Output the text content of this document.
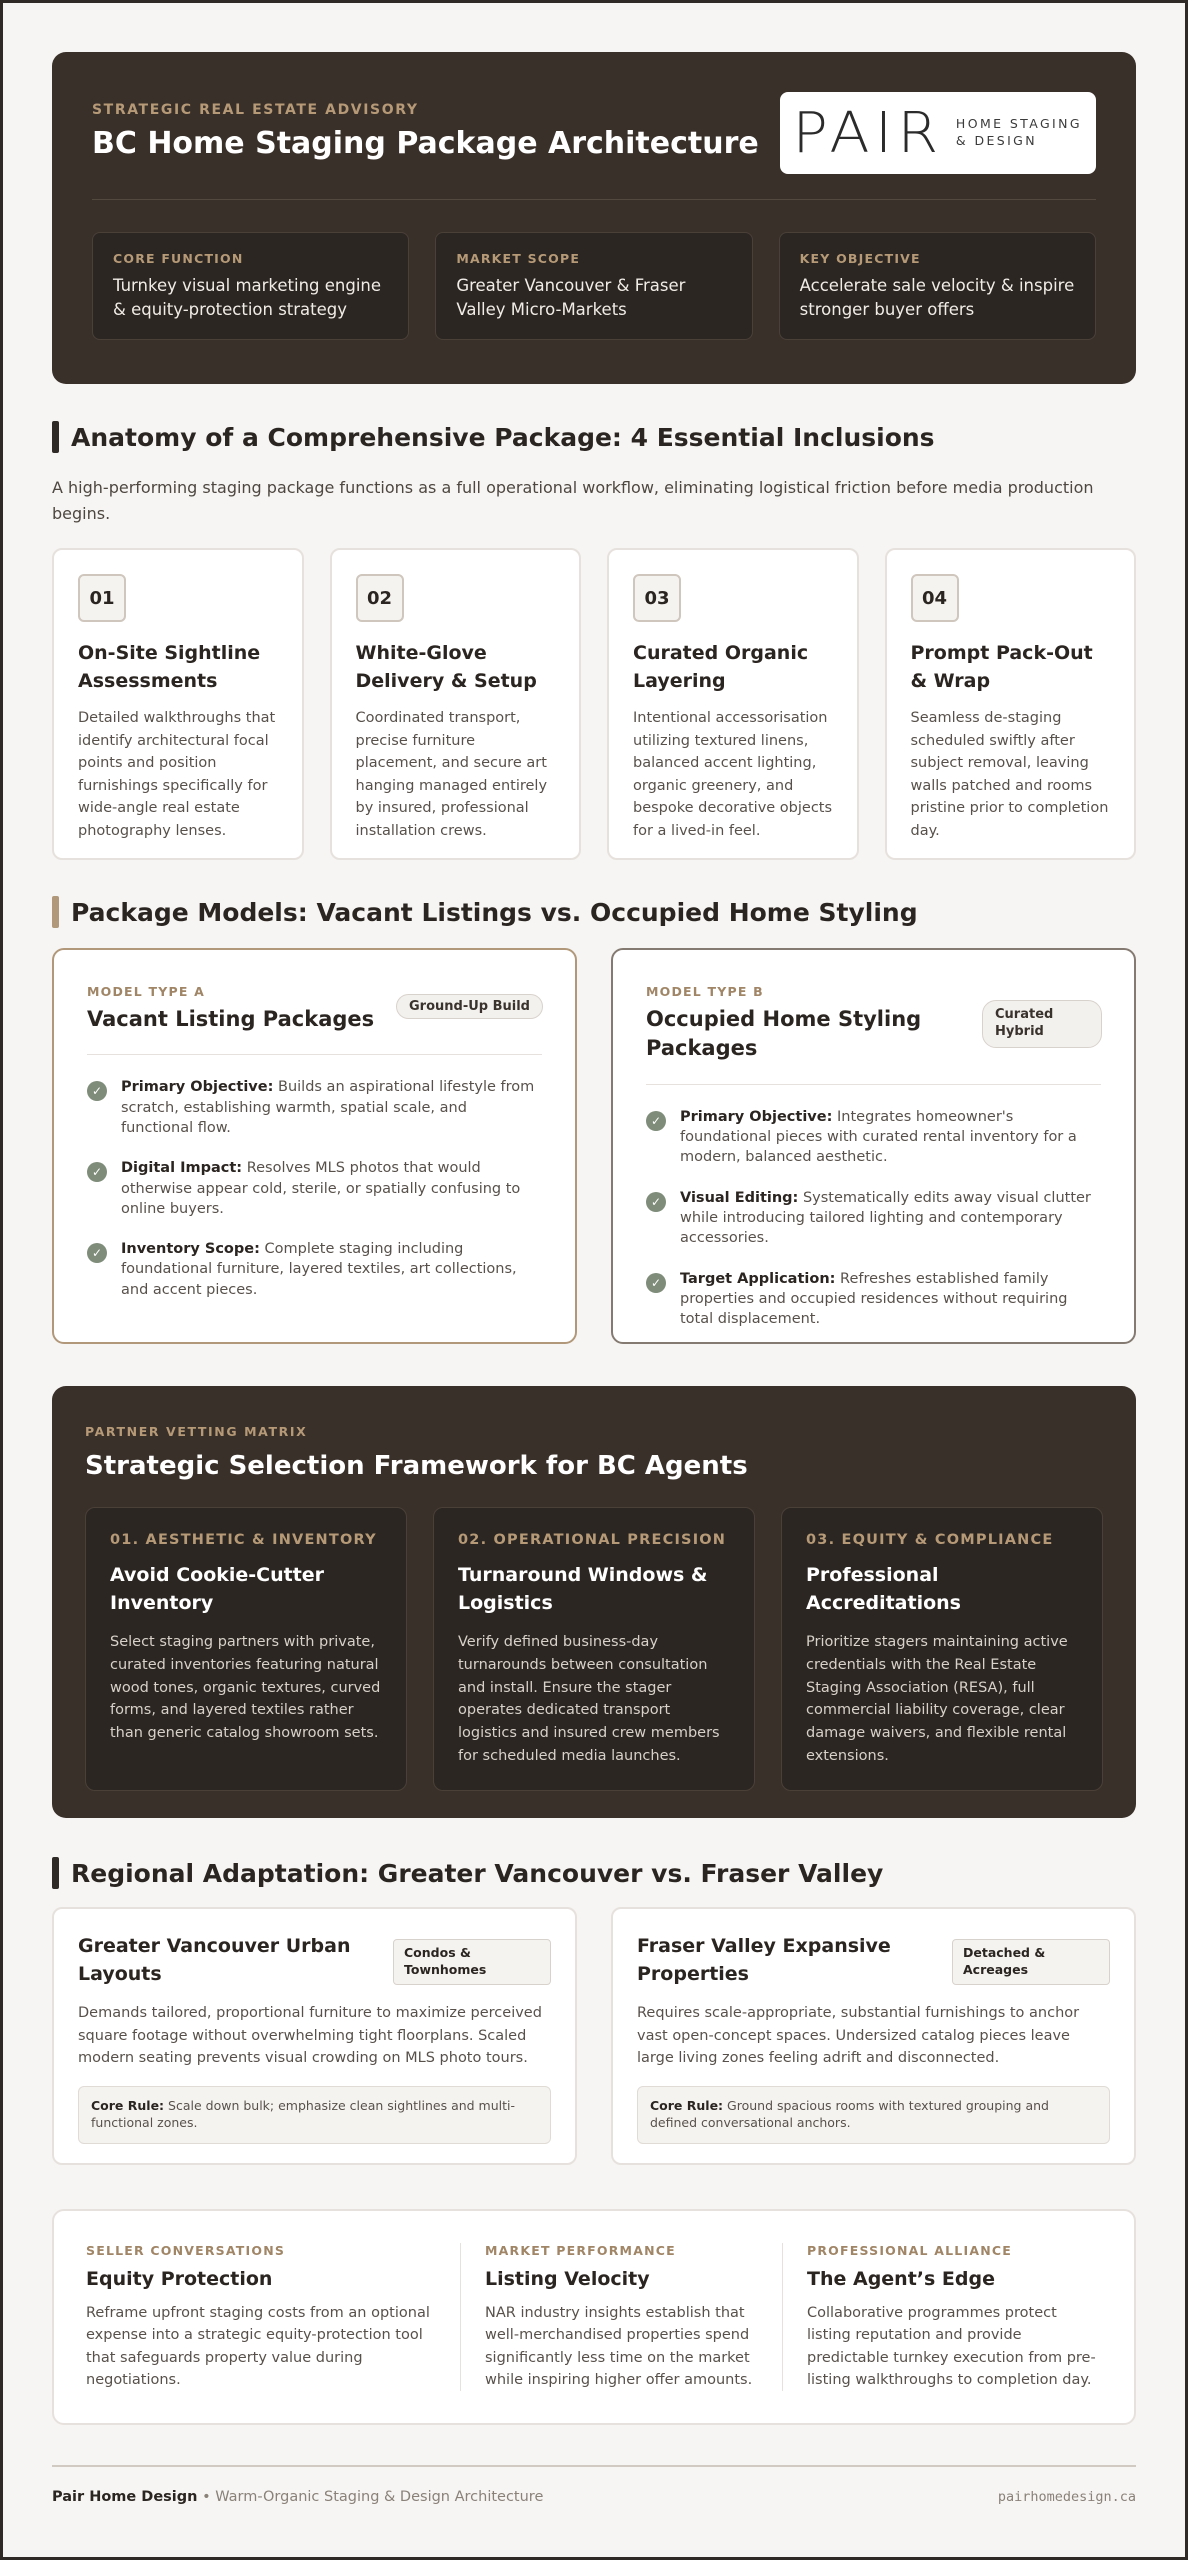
STRATEGIC REAL ESTATE ADVISORY
BC Home Staging Package Architecture PAIR HOME STAGING
& DESIGN
CORE FUNCTION
Turnkey visual marketing engine & equity-protection strategy
MARKET SCOPE
Greater Vancouver & Fraser Valley Micro-Markets
KEY OBJECTIVE
Accelerate sale velocity & inspire stronger buyer offers
Anatomy of a Comprehensive Package: 4 Essential Inclusions

A high-performing staging package functions as a full operational workflow, eliminating logistical friction before media production begins.

01
On-Site Sightline Assessments
Detailed walkthroughs that identify architectural focal points and position furnishings specifically for wide-angle real estate photography lenses.
02
White-Glove Delivery & Setup
Coordinated transport, precise furniture placement, and secure art hanging managed entirely by insured, professional installation crews.
03
Curated Organic Layering
Intentional accessorisation utilizing textured linens, balanced accent lighting, organic greenery, and bespoke decorative objects for a lived-in feel.
04
Prompt Pack-Out & Wrap
Seamless de-staging scheduled swiftly after subject removal, leaving walls patched and rooms pristine prior to completion day.
Package Models: Vacant Listings vs. Occupied Home Styling
MODEL TYPE A
Vacant Listing Packages
Ground-Up Build
✓	Primary Objective: Builds an aspirational lifestyle from scratch, establishing warmth, spatial scale, and functional flow.

✓	Digital Impact: Resolves MLS photos that would otherwise appear cold, sterile, or spatially confusing to online buyers.

✓	Inventory Scope: Complete staging including foundational furniture, layered textiles, art collections, and accent pieces.

MODEL TYPE B
Occupied Home Styling Packages
Curated Hybrid
✓	Primary Objective: Integrates homeowner's foundational pieces with curated rental inventory for a modern, balanced aesthetic.

✓	Visual Editing: Systematically edits away visual clutter while introducing tailored lighting and contemporary accessories.

✓	Target Application: Refreshes established family properties and occupied residences without requiring total displacement.

PARTNER VETTING MATRIX
Strategic Selection Framework for BC Agents
01. AESTHETIC & INVENTORY
Avoid Cookie-Cutter Inventory
Select staging partners with private, curated inventories featuring natural wood tones, organic textures, curved forms, and layered textiles rather than generic catalog showroom sets.
02. OPERATIONAL PRECISION
Turnaround Windows & Logistics
Verify defined business-day turnarounds between consultation and install. Ensure the stager operates dedicated transport logistics and insured crew members for scheduled media launches.
03. EQUITY & COMPLIANCE
Professional Accreditations
Prioritize stagers maintaining active credentials with the Real Estate Staging Association (RESA), full commercial liability coverage, clear damage waivers, and flexible rental extensions.
Regional Adaptation: Greater Vancouver vs. Fraser Valley
Greater Vancouver Urban Layouts
Condos & Townhomes
Demands tailored, proportional furniture to maximize perceived square footage without overwhelming tight floorplans. Scaled modern seating prevents visual crowding on MLS photo tours.
Core Rule: Scale down bulk; emphasize clean sightlines and multi-functional zones.
Fraser Valley Expansive Properties
Detached & Acreages
Requires scale-appropriate, substantial furnishings to anchor vast open-concept spaces. Undersized catalog pieces leave large living zones feeling adrift and disconnected.
Core Rule: Ground spacious rooms with textured grouping and defined conversational anchors.
SELLER CONVERSATIONS
Equity Protection
Reframe upfront staging costs from an optional expense into a strategic equity-protection tool that safeguards property value during negotiations.
MARKET PERFORMANCE
Listing Velocity
NAR industry insights establish that well-merchandised properties spend significantly less time on the market while inspiring higher offer amounts.
PROFESSIONAL ALLIANCE
The Agent’s Edge
Collaborative programmes protect listing reputation and provide predictable turnkey execution from pre-listing walkthroughs to completion day.
Pair Home Design • Warm-Organic Staging & Design Architecture	pairhomedesign.ca
